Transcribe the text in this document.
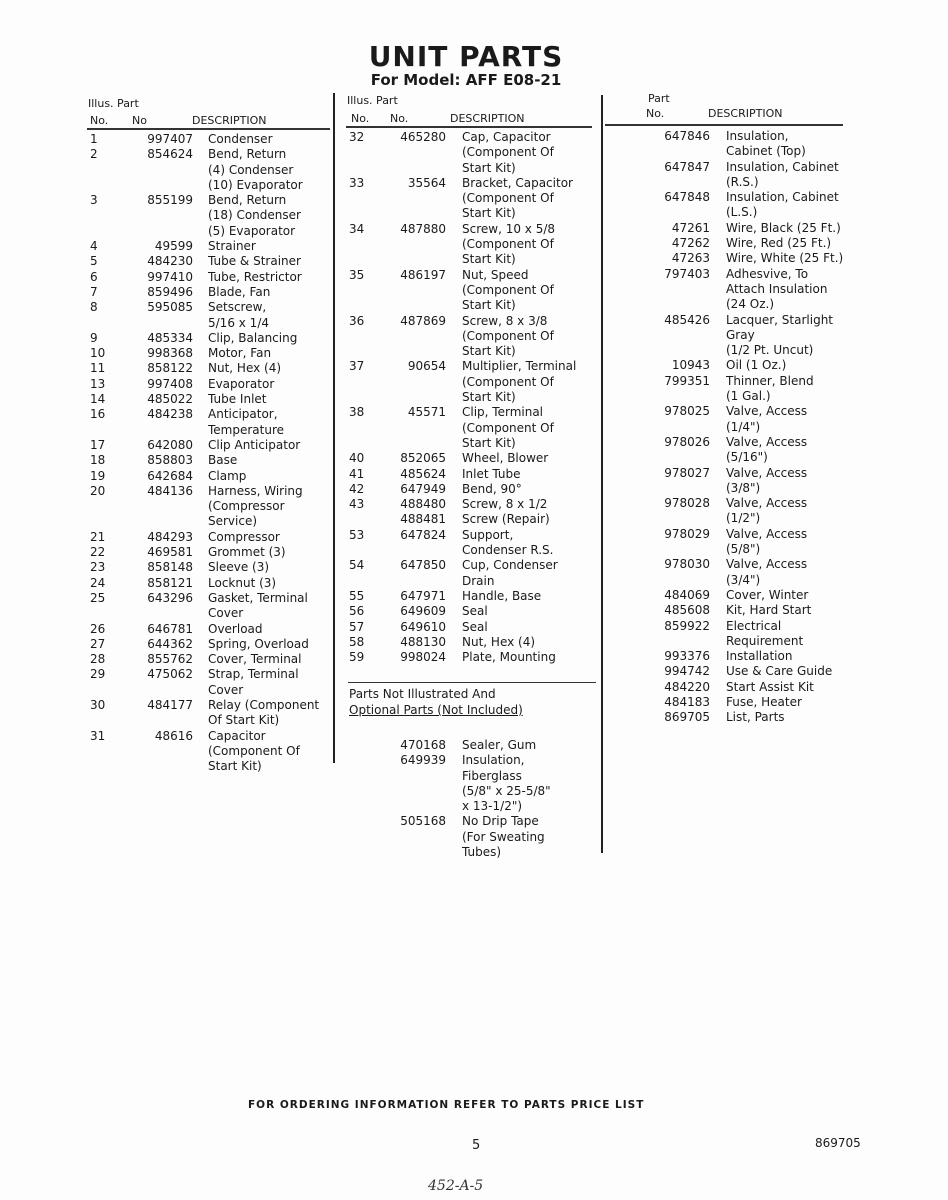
UNIT PARTS
For Model: AFF E08-21
Illus. Part
No. No	DESCRIPTION
1	997407 Condenser
2	854624 Bend, Return
(4) Condenser
(10) Evaporator
3	855199 Bend, Return
(18) Condenser
(5) Evaporator
4	49599 Strainer
5	484230 Tube & Strainer
6	997410 Tube, Restrictor
7	859496 Blade, Fan
8	595085 Setscrew,
5/16 x 1/4
9	485334 Clip, Balancing
10	998368 Motor, Fan
11	858122 Nut, Hex (4)
13	997408 Evaporator
14	485022 Tube Inlet
16	484238 Anticipator,
Temperature
17	642080 Clip Anticipator
18	858803 Base
19	642684 Clamp
20	484136 Harness, Wiring
(Compressor
Service)
21	484293 Compressor
22	469581 Grommet (3)
23	858148 Sleeve (3)
24	858121 Locknut (3)
25	643296 Gasket, Terminal
Cover
26	646781 Overload
27	644362 Spring, Overload
28	855762 Cover, Terminal
29	475062 Strap, Terminal
Cover
30	484177 Relay (Component
Of Start Kit)
31	48616 Capacitor
(Component Of
Start Kit)
Illus. Part
No. No.	DESCRIPTION
32	465280 Cap, Capacitor
(Component Of
Start Kit)
33	35564 Bracket, Capacitor
(Component Of
Start Kit)
34	487880 Screw, 10 x 5/8
(Component Of
Start Kit)
35	486197 Nut, Speed
(Component Of
Start Kit)
36	487869 Screw, 8 x 3/8
(Component Of
Start Kit)
37	90654 Multiplier, Terminal
(Component Of
Start Kit)
38	45571 Clip, Terminal
(Component Of
Start Kit)
40	852065 Wheel, Blower
41	485624 Inlet Tube
42	647949 Bend, 90°
43	488480 Screw, 8 x 1/2
488481 Screw (Repair)
53	647824 Support,
Condenser R.S.
54	647850 Cup, Condenser
Drain
55	647971 Handle, Base
56	649609 Seal
57	649610 Seal
58	488130 Nut, Hex (4)
59	998024 Plate, Mounting
Parts Not Illustrated And
Optional Parts (Not Included)
470168 Sealer, Gum
649939 Insulation,
Fiberglass
(5/8" x 25-5/8"
x 13-1/2")
505168 No Drip Tape
(For Sweating
Tubes)
Part
No.	DESCRIPTION
647846 Insulation,
Cabinet (Top)
647847 Insulation, Cabinet
(R.S.)
647848 Insulation, Cabinet
(L.S.)
47261 Wire, Black (25 Ft.)
47262 Wire, Red (25 Ft.)
47263 Wire, White (25 Ft.)
797403 Adhesvive, To
Attach Insulation
(24 Oz.)
485426 Lacquer, Starlight
Gray
(1/2 Pt. Uncut)
10943 Oil (1 Oz.)
799351 Thinner, Blend
(1 Gal.)
978025 Valve, Access
(1/4")
978026 Valve, Access
(5/16")
978027 Valve, Access
(3/8")
978028 Valve, Access
(1/2")
978029 Valve, Access
(5/8")
978030 Valve, Access
(3/4")
484069 Cover, Winter
485608 Kit, Hard Start
859922 Electrical
Requirement
993376 Installation
994742 Use & Care Guide
484220 Start Assist Kit
484183 Fuse, Heater
869705 List, Parts
FOR ORDERING INFORMATION REFER TO PARTS PRICE LIST
5	869705
452-A-5
